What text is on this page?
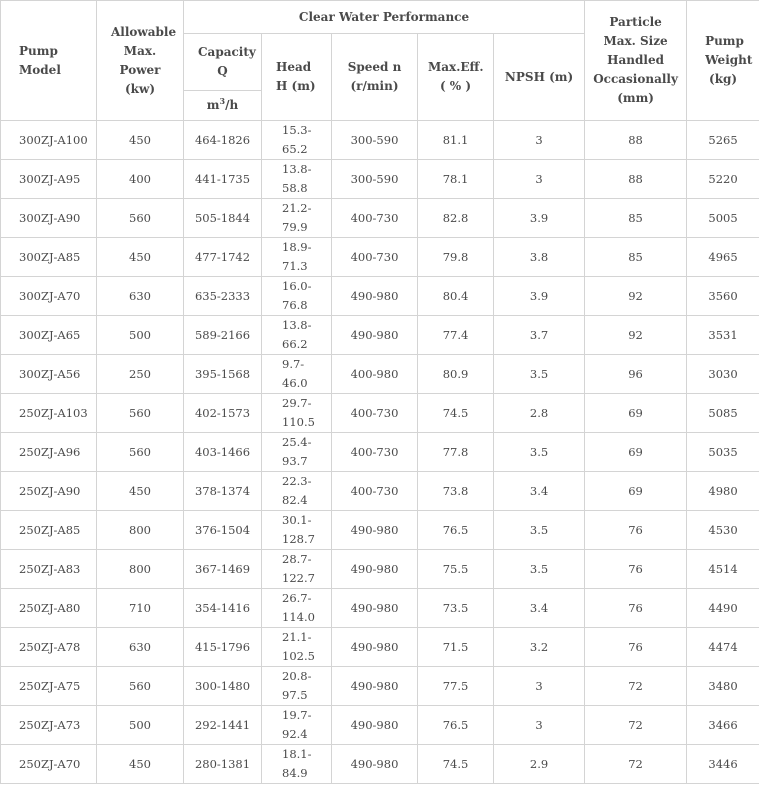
Pump Model	Allowable Max. Power (kw)	Clear Water Performance					Particle Max. Size Handled Occasionally (mm)	Pump Weight (kg)
		Capacity Q	Head H (m)	Speed n (r/min)	Max.Eff. ( % )	NPSH (m)		
		$m^3/h$						
300ZJ-A100	450	464-1826	15.3-65.2	300-590	81.1	3	88	5265
300ZJ-A95	400	441-1735	13.8-58.8	300-590	78.1	3	88	5220
300ZJ-A90	560	505-1844	21.2-79.9	400-730	82.8	3.9	85	5005
300ZJ-A85	450	477-1742	18.9-71.3	400-730	79.8	3.8	85	4965
300ZJ-A70	630	635-2333	16.0-76.8	490-980	80.4	3.9	92	3560
300ZJ-A65	500	589-2166	13.8-66.2	490-980	77.4	3.7	92	3531
300ZJ-A56	250	395-1568	9.7-46.0	400-980	80.9	3.5	96	3030
250ZJ-A103	560	402-1573	29.7-110.5	400-730	74.5	2.8	69	5085
250ZJ-A96	560	403-1466	25.4-93.7	400-730	77.8	3.5	69	5035
250ZJ-A90	450	378-1374	22.3-82.4	400-730	73.8	3.4	69	4980
250ZJ-A85	800	376-1504	30.1-128.7	490-980	76.5	3.5	76	4530
250ZJ-A83	800	367-1469	28.7-122.7	490-980	75.5	3.5	76	4514
250ZJ-A80	710	354-1416	26.7-114.0	490-980	73.5	3.4	76	4490
250ZJ-A78	630	415-1796	21.1-102.5	490-980	71.5	3.2	76	4474
250ZJ-A75	560	300-1480	20.8-97.5	490-980	77.5	3	72	3480
250ZJ-A73	500	292-1441	19.7-92.4	490-980	76.5	3	72	3466
250ZJ-A70	450	280-1381	18.1-84.9	490-980	74.5	2.9	72	3446
